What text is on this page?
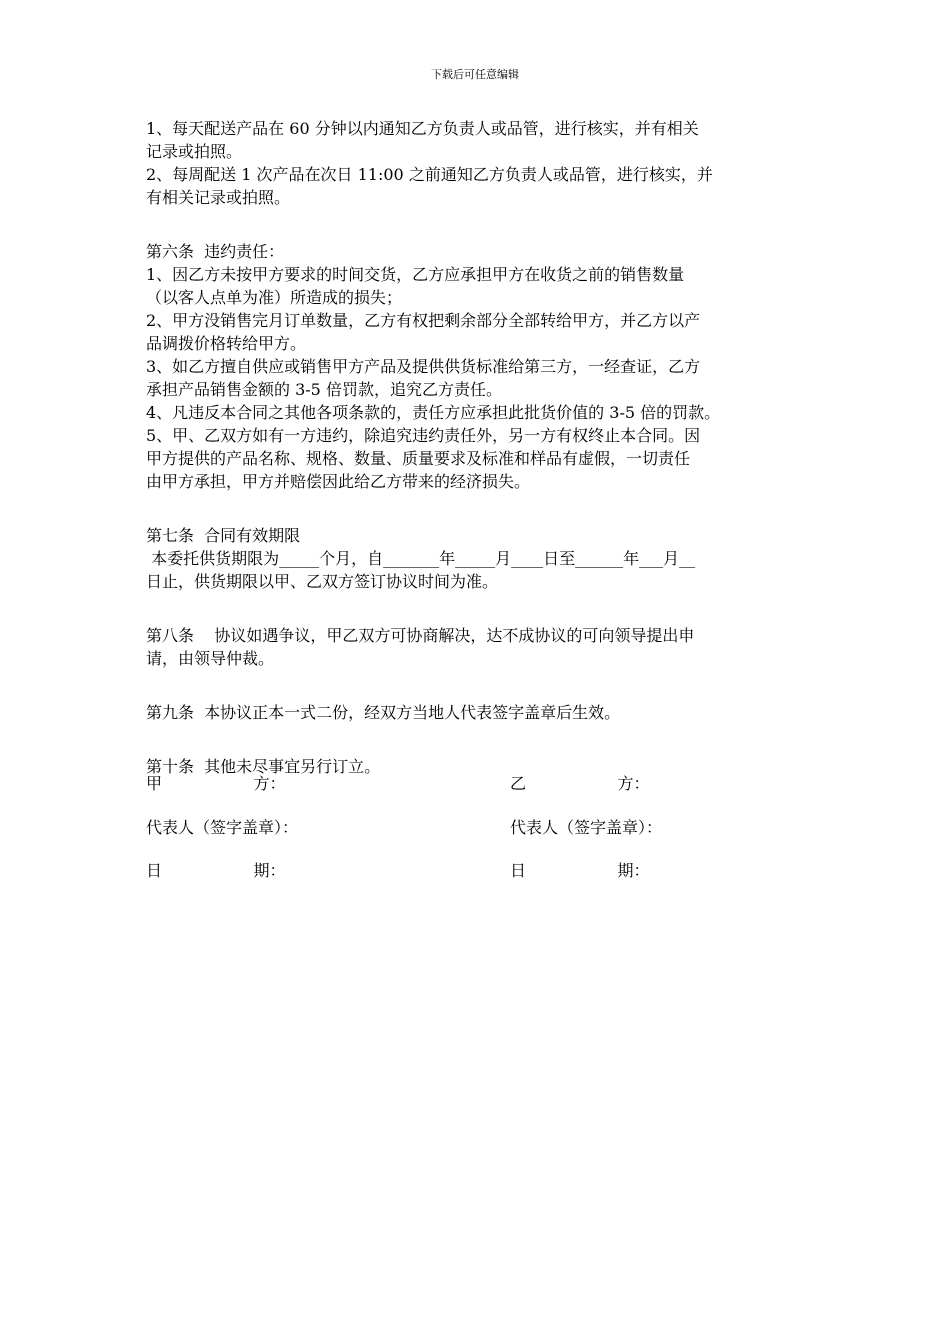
下载后可任意编辑
1、每天配送产品在 60 分钟以内通知乙方负责人或品管，进行核实，并有相关
记录或拍照。
2、每周配送 1 次产品在次日 11:00 之前通知乙方负责人或品管，进行核实，并
有相关记录或拍照。
第六条  违约责任：
1、因乙方未按甲方要求的时间交货，乙方应承担甲方在收货之前的销售数量
（以客人点单为准）所造成的损失；
2、甲方没销售完月订单数量，乙方有权把剩余部分全部转给甲方，并乙方以产
品调拨价格转给甲方。
3、如乙方擅自供应或销售甲方产品及提供供货标准给第三方，一经查证，乙方
承担产品销售金额的 3-5 倍罚款，追究乙方责任。
4、凡违反本合同之其他各项条款的，责任方应承担此批货价值的 3-5 倍的罚款。
5、甲、乙双方如有一方违约，除追究违约责任外，另一方有权终止本合同。因
甲方提供的产品名称、规格、数量、质量要求及标准和样品有虚假，一切责任
由甲方承担，甲方并赔偿因此给乙方带来的经济损失。
第七条  合同有效期限
本委托供货期限为_____个月，自_______年_____月____日至______年___月__
日止，供货期限以甲、乙双方签订协议时间为准。
第八条    协议如遇争议，甲乙双方可协商解决，达不成协议的可向领导提出申
请，由领导仲裁。
第九条  本协议正本一式二份，经双方当地人代表签字盖章后生效。
第十条  其他未尽事宜另行订立。
甲                  方：	乙                  方：
代表人（签字盖章）：	代表人（签字盖章）：
日                  期：	日                  期：
